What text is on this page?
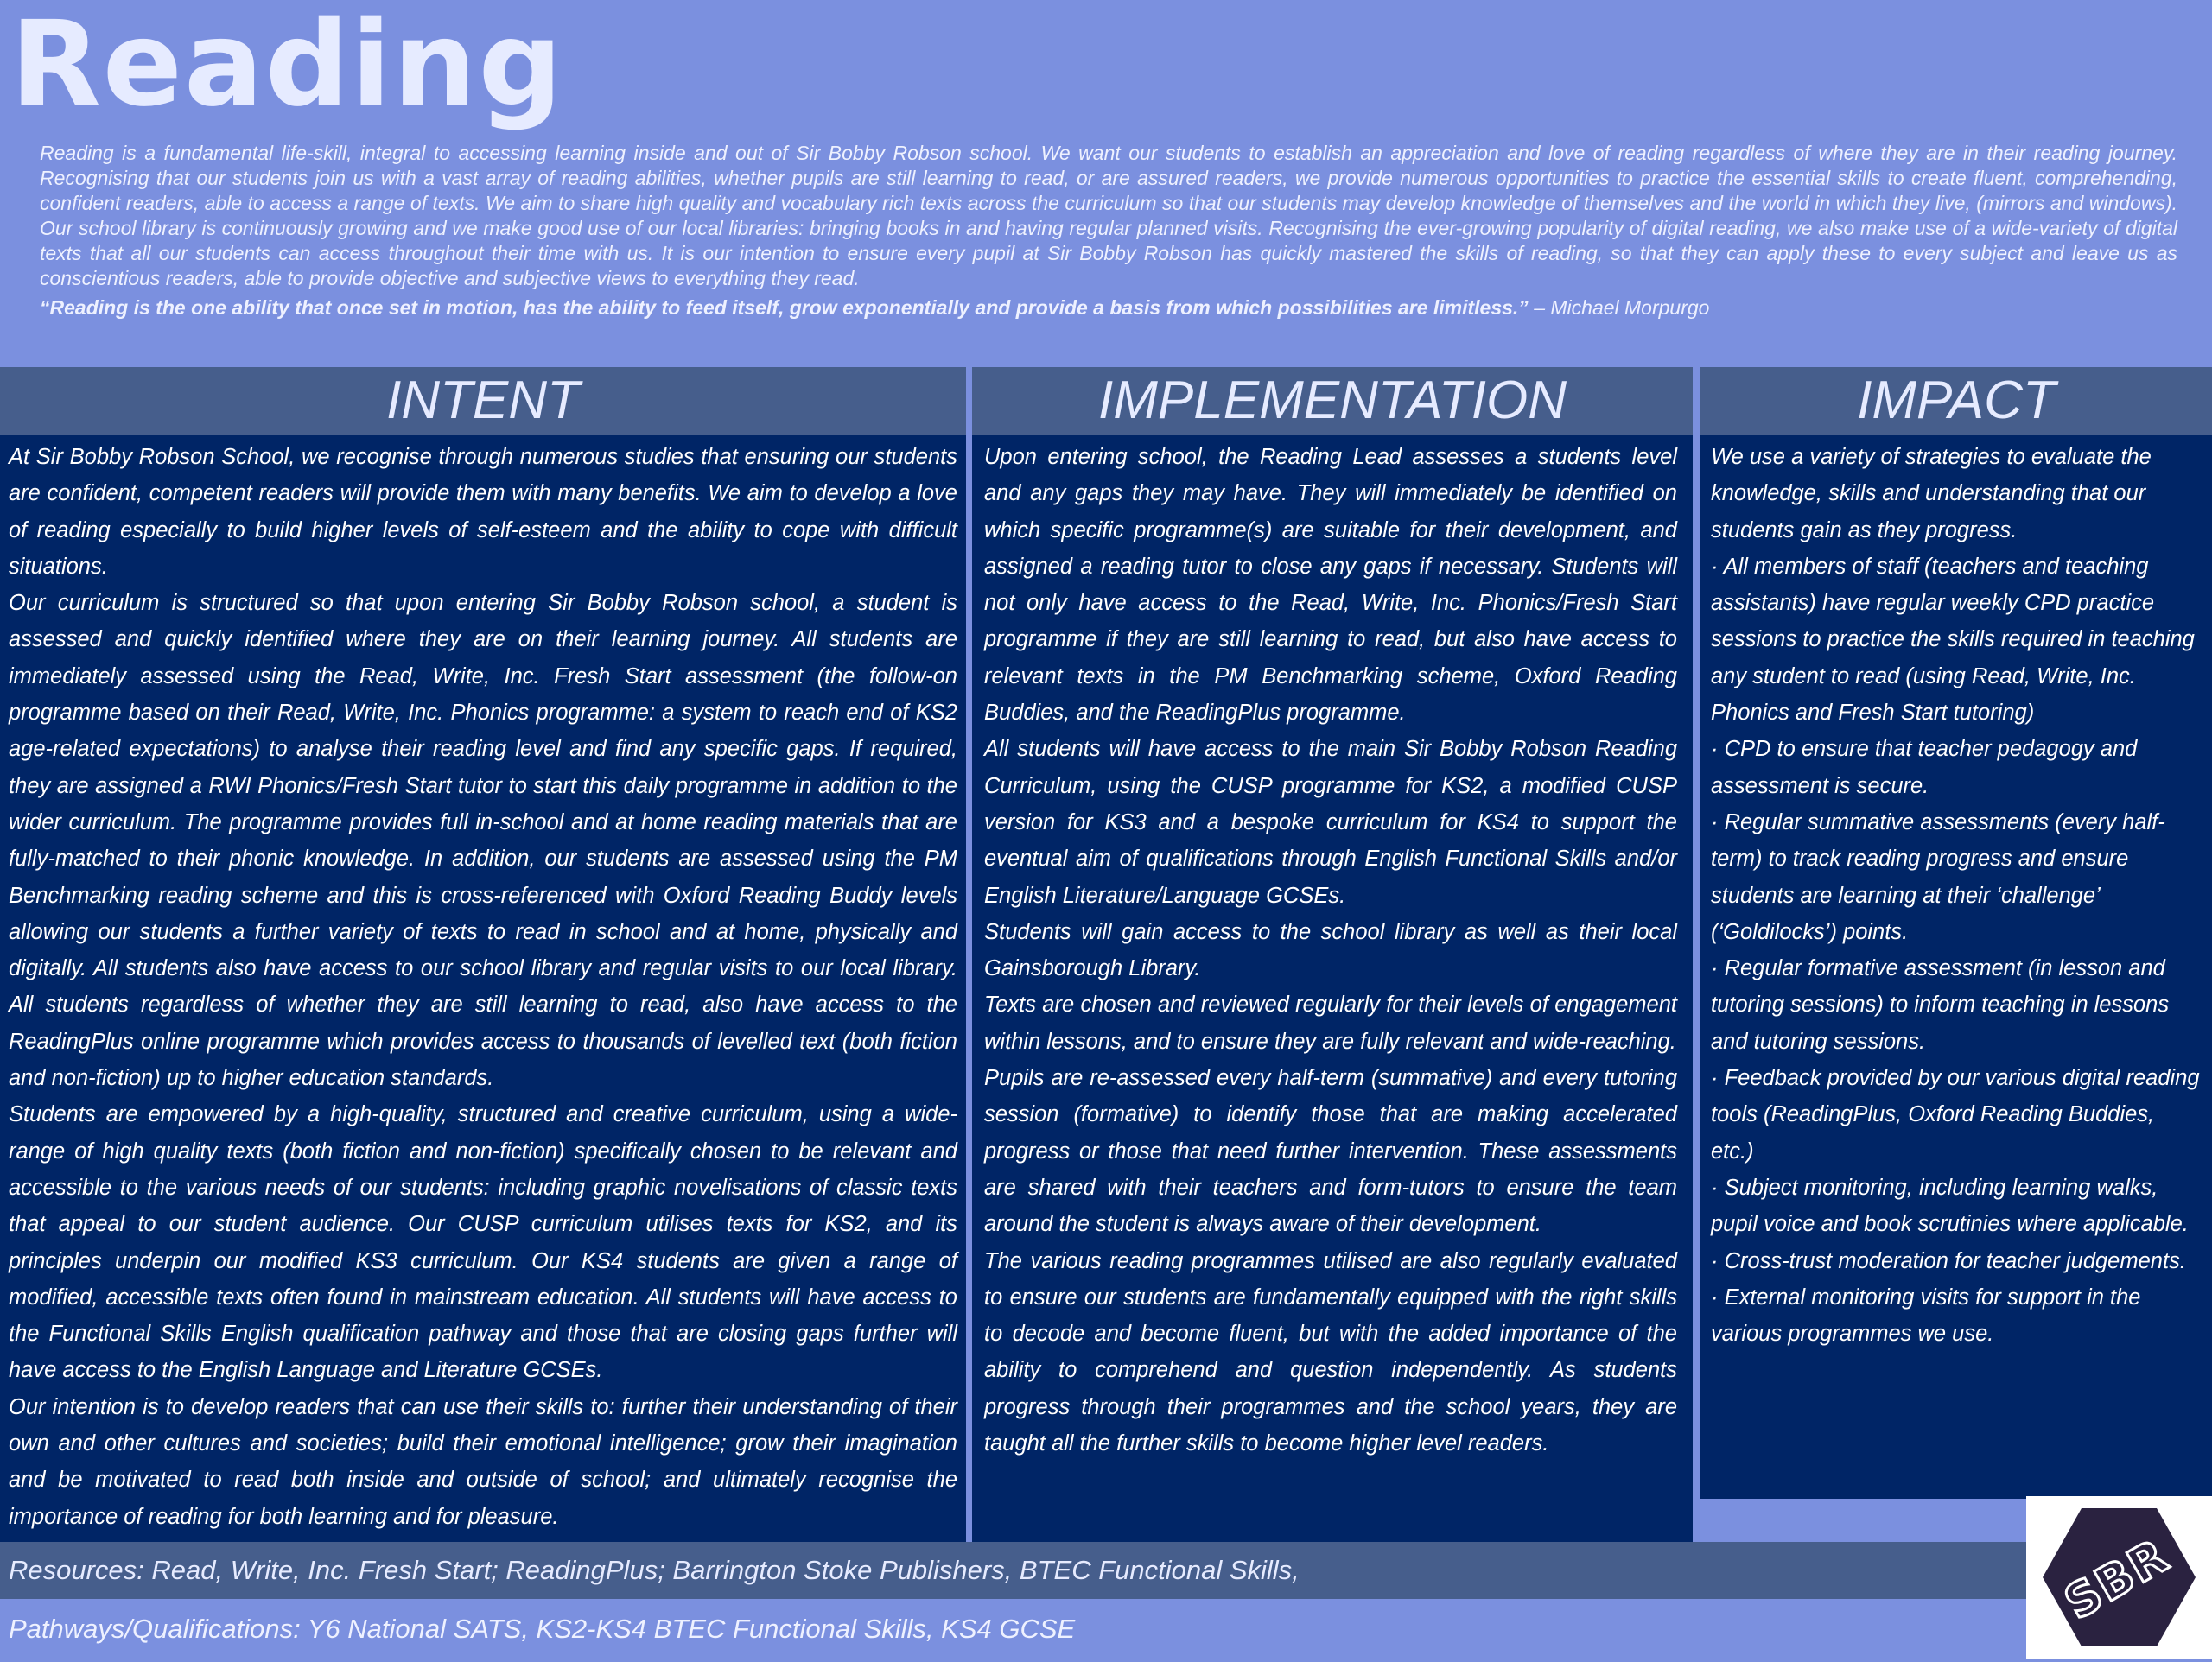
Reading

Reading is a fundamental life-skill, integral to accessing learning inside and out of Sir Bobby Robson school. We want our students to establish an appreciation and love of reading regardless of where they are in their reading journey. Recognising that our students join us with a vast array of reading abilities, whether pupils are still learning to read, or are assured readers, we provide numerous opportunities to practice the essential skills to create fluent, comprehending, confident readers, able to access a range of texts. We aim to share high quality and vocabulary rich texts across the curriculum so that our students may develop knowledge of themselves and the world in which they live, (mirrors and windows). Our school library is continuously growing and we make good use of our local libraries: bringing books in and having regular planned visits. Recognising the ever-growing popularity of digital reading, we also make use of a wide-variety of digital texts that all our students can access throughout their time with us. It is our intention to ensure every pupil at Sir Bobby Robson has quickly mastered the skills of reading, so that they can apply these to every subject and leave us as conscientious readers, able to provide objective and subjective views to everything they read.

“Reading is the one ability that once set in motion, has the ability to feed itself, grow exponentially and provide a basis from which possibilities are limitless.” – Michael Morpurgo
INTENT	IMPLEMENTATION	IMPACT

At Sir Bobby Robson School, we recognise through numerous studies that ensuring our students are confident, competent readers will provide them with many benefits. We aim to develop a love of reading especially to build higher levels of self-esteem and the ability to cope with difficult situations.

Our curriculum is structured so that upon entering Sir Bobby Robson school, a student is assessed and quickly identified where they are on their learning journey. All students are immediately assessed using the Read, Write, Inc. Fresh Start assessment (the follow-on programme based on their Read, Write, Inc. Phonics programme: a system to reach end of KS2 age-related expectations) to analyse their reading level and find any specific gaps. If required, they are assigned a RWI Phonics/Fresh Start tutor to start this daily programme in addition to the wider curriculum. The programme provides full in-school and at home reading materials that are fully-matched to their phonic knowledge. In addition, our students are assessed using the PM Benchmarking reading scheme and this is cross-referenced with Oxford Reading Buddy levels allowing our students a further variety of texts to read in school and at home, physically and digitally. All students also have access to our school library and regular visits to our local library. All students regardless of whether they are still learning to read, also have access to the ReadingPlus online programme which provides access to thousands of levelled text (both fiction and non-fiction) up to higher education standards.

Students are empowered by a high-quality, structured and creative curriculum, using a wide-range of high quality texts (both fiction and non-fiction) specifically chosen to be relevant and accessible to the various needs of our students: including graphic novelisations of classic texts that appeal to our student audience. Our CUSP curriculum utilises texts for KS2, and its principles underpin our modified KS3 curriculum. Our KS4 students are given a range of modified, accessible texts often found in mainstream education. All students will have access to the Functional Skills English qualification pathway and those that are closing gaps further will have access to the English Language and Literature GCSEs.

Our intention is to develop readers that can use their skills to: further their understanding of their own and other cultures and societies; build their emotional intelligence; grow their imagination and be motivated to read both inside and outside of school; and ultimately recognise the importance of reading for both learning and for pleasure.

Upon entering school, the Reading Lead assesses a students level and any gaps they may have. They will immediately be identified on which specific programme(s) are suitable for their development, and assigned a reading tutor to close any gaps if necessary. Students will not only have access to the Read, Write, Inc. Phonics/Fresh Start programme if they are still learning to read, but also have access to relevant texts in the PM Benchmarking scheme, Oxford Reading Buddies, and the ReadingPlus programme.

All students will have access to the main Sir Bobby Robson Reading Curriculum, using the CUSP programme for KS2, a modified CUSP version for KS3 and a bespoke curriculum for KS4 to support the eventual aim of qualifications through English Functional Skills and/or English Literature/Language GCSEs.

Students will gain access to the school library as well as their local Gainsborough Library.

Texts are chosen and reviewed regularly for their levels of engagement within lessons, and to ensure they are fully relevant and wide-reaching.

Pupils are re-assessed every half-term (summative) and every tutoring session (formative) to identify those that are making accelerated progress or those that need further intervention. These assessments are shared with their teachers and form-tutors to ensure the team around the student is always aware of their development.

The various reading programmes utilised are also regularly evaluated to ensure our students are fundamentally equipped with the right skills to decode and become fluent, but with the added importance of the ability to comprehend and question independently. As students progress through their programmes and the school years, they are taught all the further skills to become higher level readers.

We use a variety of strategies to evaluate the knowledge, skills and understanding that our students gain as they progress.

· All members of staff (teachers and teaching assistants) have regular weekly CPD practice sessions to practice the skills required in teaching any student to read (using Read, Write, Inc. Phonics and Fresh Start tutoring)

· CPD to ensure that teacher pedagogy and assessment is secure.

· Regular summative assessments (every half-term) to track reading progress and ensure students are learning at their ‘challenge’ (‘Goldilocks’) points.

· Regular formative assessment (in lesson and tutoring sessions) to inform teaching in lessons and tutoring sessions.

· Feedback provided by our various digital reading tools (ReadingPlus, Oxford Reading Buddies, etc.)

· Subject monitoring, including learning walks, pupil voice and book scrutinies where applicable.

· Cross-trust moderation for teacher judgements.

· External monitoring visits for support in the various programmes we use.

Resources: Read, Write, Inc. Fresh Start; ReadingPlus; Barrington Stoke Publishers, BTEC Functional Skills,
Pathways/Qualifications: Y6 National SATS, KS2-KS4 BTEC Functional Skills, KS4 GCSE	SBR
